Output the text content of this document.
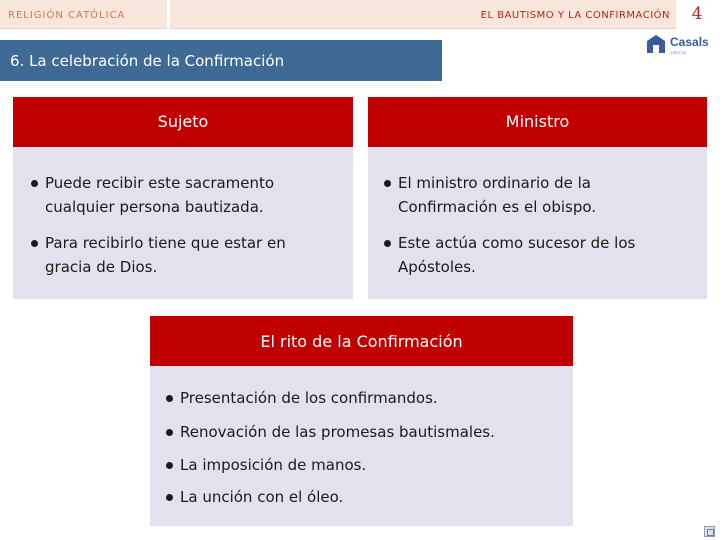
RELIGIÓN CATÓLICA	EL BAUTISMO Y LA CONFIRMACIÓN	4
Casals
editorial
6. La celebración de la Confirmación
Sujeto
Puede recibir este sacramento
cualquier persona bautizada.
Para recibirlo tiene que estar en
gracia de Dios.
Ministro
El ministro ordinario de la
Confirmación es el obispo.
Este actúa como sucesor de los
Apóstoles.
El rito de la Confirmación
Presentación de los confirmandos.
Renovación de las promesas bautismales.
La imposición de manos.
La unción con el óleo.
